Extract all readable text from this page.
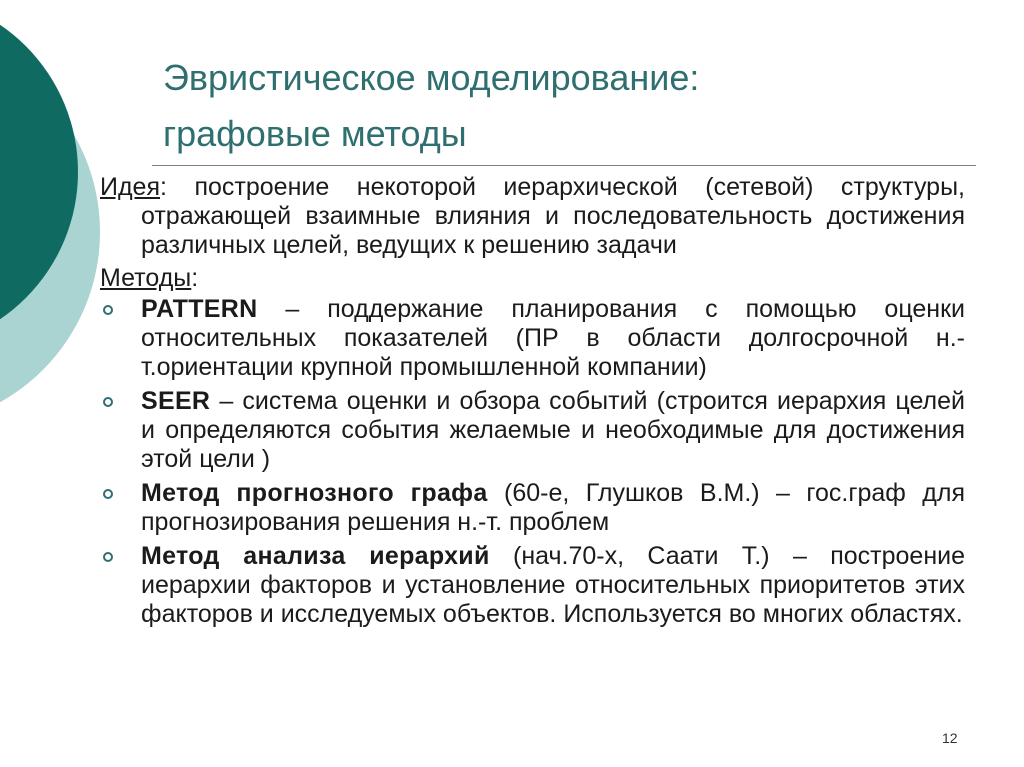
Эвристическое моделирование:
графовые методы

Идея: построение некоторой иерархической (сетевой) структуры, отражающей взаимные влияния и последовательность достижения различных целей, ведущих к решению задачи

Методы:

PATTERN – поддержание планирования с помощью оценки относительных показателей (ПР в области долгосрочной н.-т.ориентации крупной промышленной компании)
SEER – система оценки и обзора событий (строится иерархия целей и определяются события желаемые и необходимые для достижения этой цели )
Метод прогнозного графа (60-е, Глушков В.М.) – гос.граф для прогнозирования решения н.-т. проблем
Метод анализа иерархий (нач.70-х, Саати Т.) – построение иерархии факторов и установление относительных приоритетов этих факторов и исследуемых объектов. Используется во многих областях.
12
